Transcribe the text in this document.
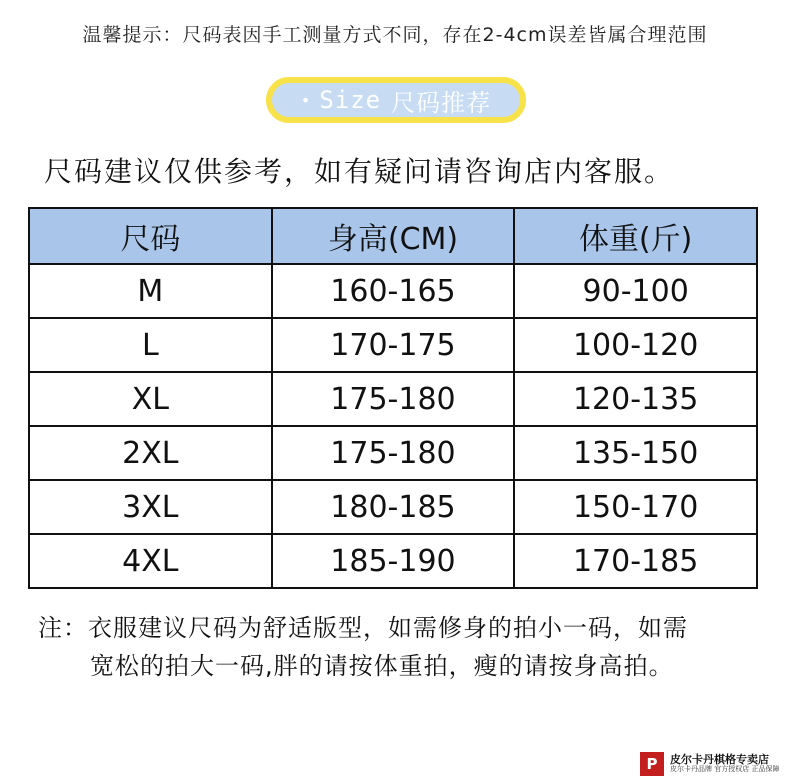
温馨提示：尺码表因手工测量方式不同，存在2-4cm误差皆属合理范围
• Size 尺码推荐
尺码建议仅供参考，如有疑问请咨询店内客服。
尺码	身高(CM)	体重(斤)
M	160-165	90-100
L	170-175	100-120
XL	175-180	120-135
2XL	175-180	135-150
3XL	180-185	150-170
4XL	185-190	170-185
注：衣服建议尺码为舒适版型，如需修身的拍小一码，如需
宽松的拍大一码,胖的请按体重拍，瘦的请按身高拍。
P	皮尔卡丹棋格专卖店
皮尔卡丹品牌 官方授权店 正品保障
